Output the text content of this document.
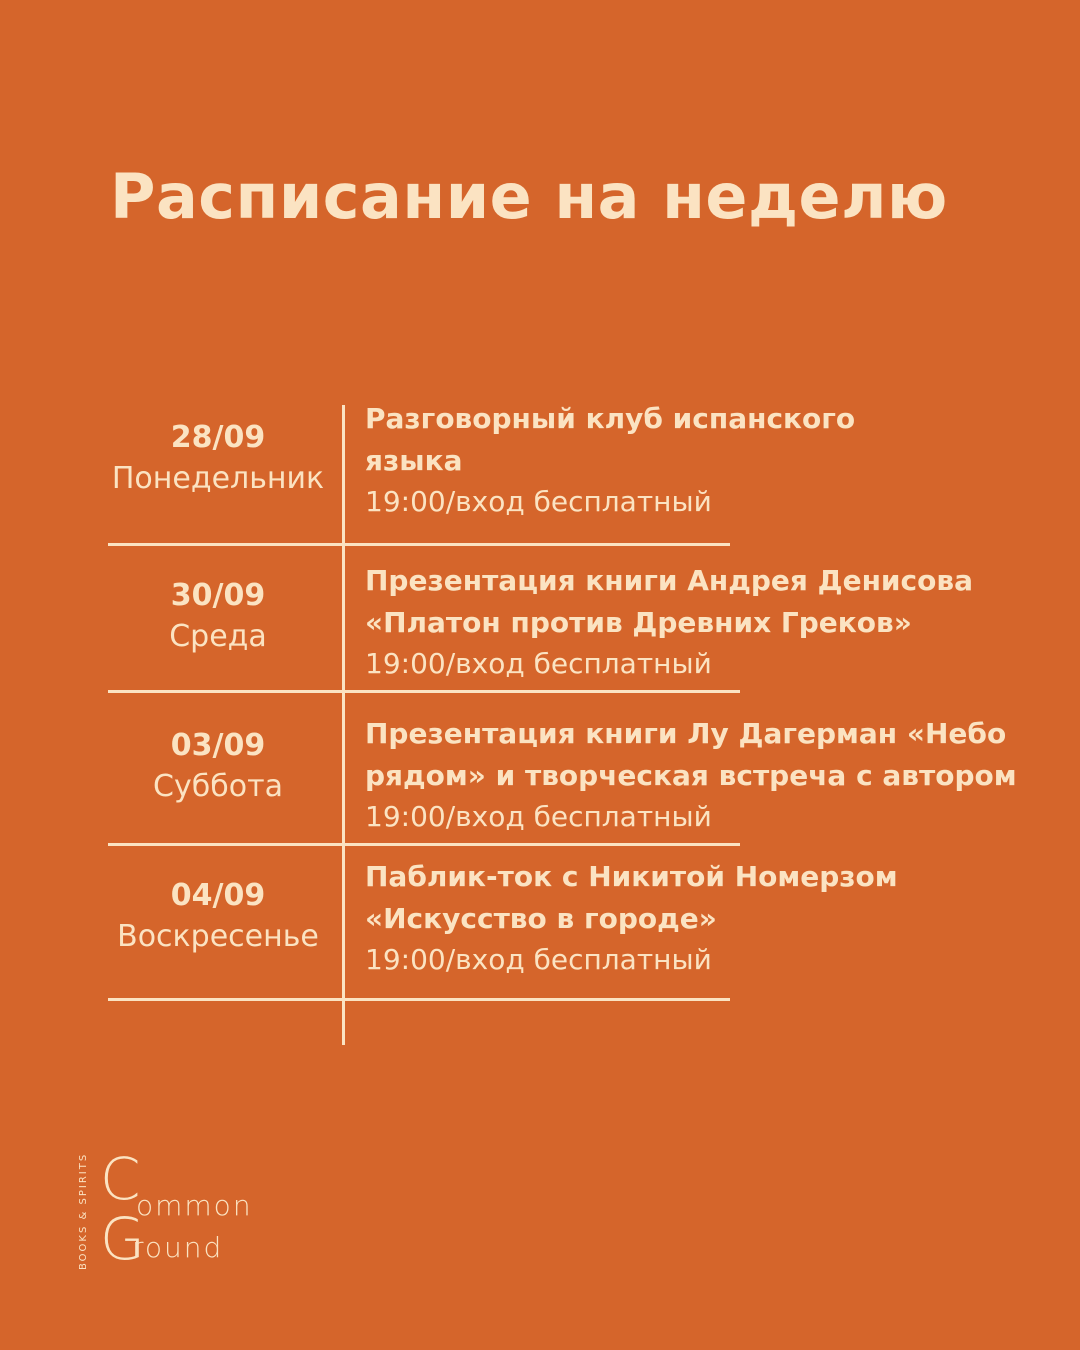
Расписание на неделю
28/09
Понедельник
Разговорный клуб испанского
языка
19:00/вход бесплатный
30/09
Среда
Презентация книги Андрея Денисова
«Платон против Древних Греков»
19:00/вход бесплатный
03/09
Суббота
Презентация книги Лу Дагерман «Небо
рядом» и творческая встреча с автором
19:00/вход бесплатный
04/09
Воскресенье
Паблик-ток с Никитой Номерзом
«Искусство в городе»
19:00/вход бесплатный
BOOKS & SPIRITS C
ommon
G
round
